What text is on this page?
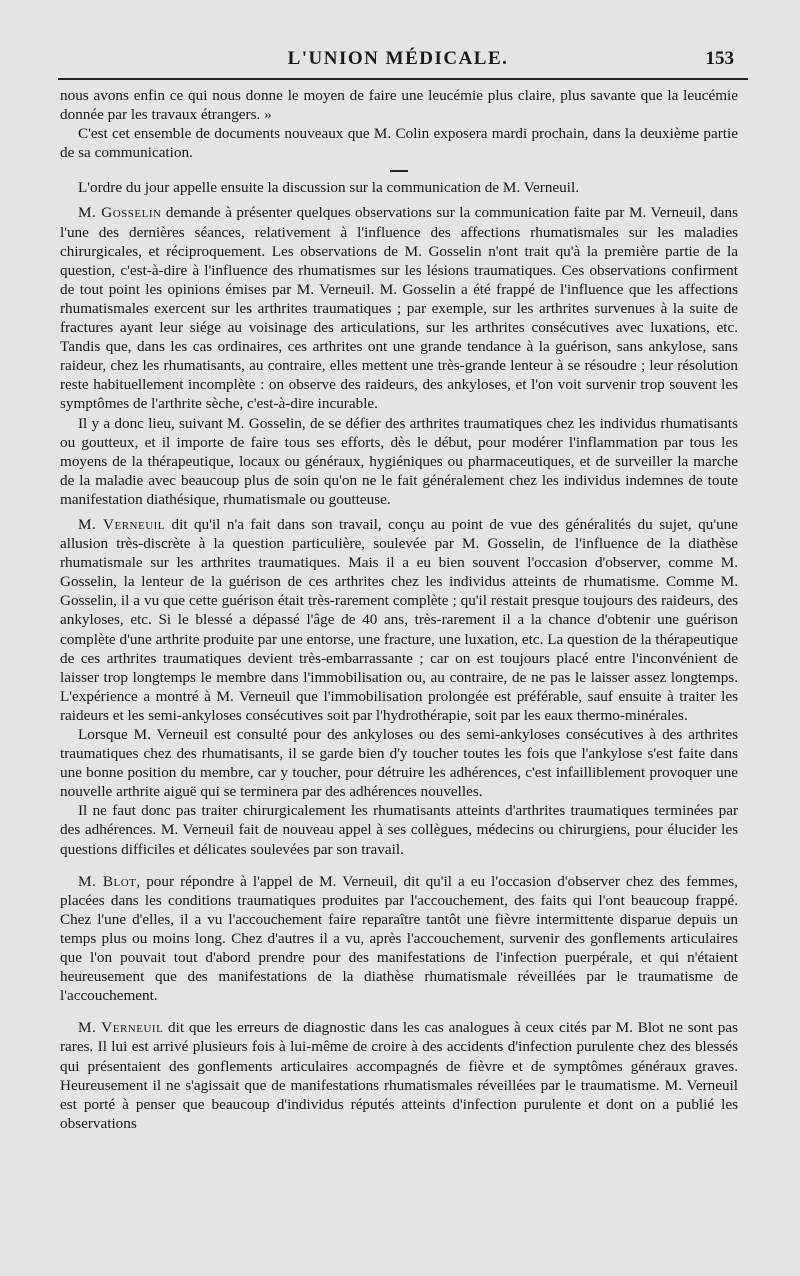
L'UNION MÉDICALE.	153

nous avons enfin ce qui nous donne le moyen de faire une leucémie plus claire, plus savante que la leucémie donnée par les travaux étrangers. »

C'est cet ensemble de documents nouveaux que M. Colin exposera mardi prochain, dans la deuxième partie de sa communication.

L'ordre du jour appelle ensuite la discussion sur la communication de M. Verneuil.

M. Gosselin demande à présenter quelques observations sur la communication faite par M. Verneuil, dans l'une des dernières séances, relativement à l'influence des affections rhumatismales sur les maladies chirurgicales, et réciproquement. Les observations de M. Gosselin n'ont trait qu'à la première partie de la question, c'est-à-dire à l'influence des rhumatismes sur les lésions traumatiques. Ces observations confirment de tout point les opinions émises par M. Verneuil. M. Gosselin a été frappé de l'influence que les affections rhumatismales exercent sur les arthrites traumatiques ; par exemple, sur les arthrites survenues à la suite de fractures ayant leur siége au voisinage des articulations, sur les arthrites consécutives avec luxations, etc. Tandis que, dans les cas ordinaires, ces arthrites ont une grande tendance à la guérison, sans ankylose, sans raideur, chez les rhumatisants, au contraire, elles mettent une très-grande lenteur à se résoudre ; leur résolution reste habituellement incomplète : on observe des raideurs, des ankyloses, et l'on voit survenir trop souvent les symptômes de l'arthrite sèche, c'est-à-dire incurable.

Il y a donc lieu, suivant M. Gosselin, de se défier des arthrites traumatiques chez les individus rhumatisants ou goutteux, et il importe de faire tous ses efforts, dès le début, pour modérer l'inflammation par tous les moyens de la thérapeutique, locaux ou généraux, hygiéniques ou pharmaceutiques, et de surveiller la marche de la maladie avec beaucoup plus de soin qu'on ne le fait généralement chez les individus indemnes de toute manifestation diathésique, rhumatismale ou goutteuse.

M. Verneuil dit qu'il n'a fait dans son travail, conçu au point de vue des généralités du sujet, qu'une allusion très-discrète à la question particulière, soulevée par M. Gosselin, de l'influence de la diathèse rhumatismale sur les arthrites traumatiques. Mais il a eu bien souvent l'occasion d'observer, comme M. Gosselin, la lenteur de la guérison de ces arthrites chez les individus atteints de rhumatisme. Comme M. Gosselin, il a vu que cette guérison était très-rarement complète ; qu'il restait presque toujours des raideurs, des ankyloses, etc. Si le blessé a dépassé l'âge de 40 ans, très-rarement il a la chance d'obtenir une guérison complète d'une arthrite produite par une entorse, une fracture, une luxation, etc. La question de la thérapeutique de ces arthrites traumatiques devient très-embarrassante ; car on est toujours placé entre l'inconvénient de laisser trop longtemps le membre dans l'immobilisation ou, au contraire, de ne pas le laisser assez longtemps. L'expérience a montré à M. Verneuil que l'immobilisation prolongée est préférable, sauf ensuite à traiter les raideurs et les semi-ankyloses consécutives soit par l'hydrothérapie, soit par les eaux thermo-minérales.

Lorsque M. Verneuil est consulté pour des ankyloses ou des semi-ankyloses consécutives à des arthrites traumatiques chez des rhumatisants, il se garde bien d'y toucher toutes les fois que l'ankylose s'est faite dans une bonne position du membre, car y toucher, pour détruire les adhérences, c'est infailliblement provoquer une nouvelle arthrite aiguë qui se terminera par des adhérences nouvelles.

Il ne faut donc pas traiter chirurgicalement les rhumatisants atteints d'arthrites traumatiques terminées par des adhérences. M. Verneuil fait de nouveau appel à ses collègues, médecins ou chirurgiens, pour élucider les questions difficiles et délicates soulevées par son travail.

M. Blot, pour répondre à l'appel de M. Verneuil, dit qu'il a eu l'occasion d'observer chez des femmes, placées dans les conditions traumatiques produites par l'accouchement, des faits qui l'ont beaucoup frappé. Chez l'une d'elles, il a vu l'accouchement faire reparaître tantôt une fièvre intermittente disparue depuis un temps plus ou moins long. Chez d'autres il a vu, après l'accouchement, survenir des gonflements articulaires que l'on pouvait tout d'abord prendre pour des manifestations de l'infection puerpérale, et qui n'étaient heureusement que des manifestations de la diathèse rhumatismale réveillées par le traumatisme de l'accouchement.

M. Verneuil dit que les erreurs de diagnostic dans les cas analogues à ceux cités par M. Blot ne sont pas rares. Il lui est arrivé plusieurs fois à lui-même de croire à des accidents d'infection purulente chez des blessés qui présentaient des gonflements articulaires accompagnés de fièvre et de symptômes généraux graves. Heureusement il ne s'agissait que de manifestations rhumatismales réveillées par le traumatisme. M. Verneuil est porté à penser que beaucoup d'individus réputés atteints d'infection purulente et dont on a publié les observations
